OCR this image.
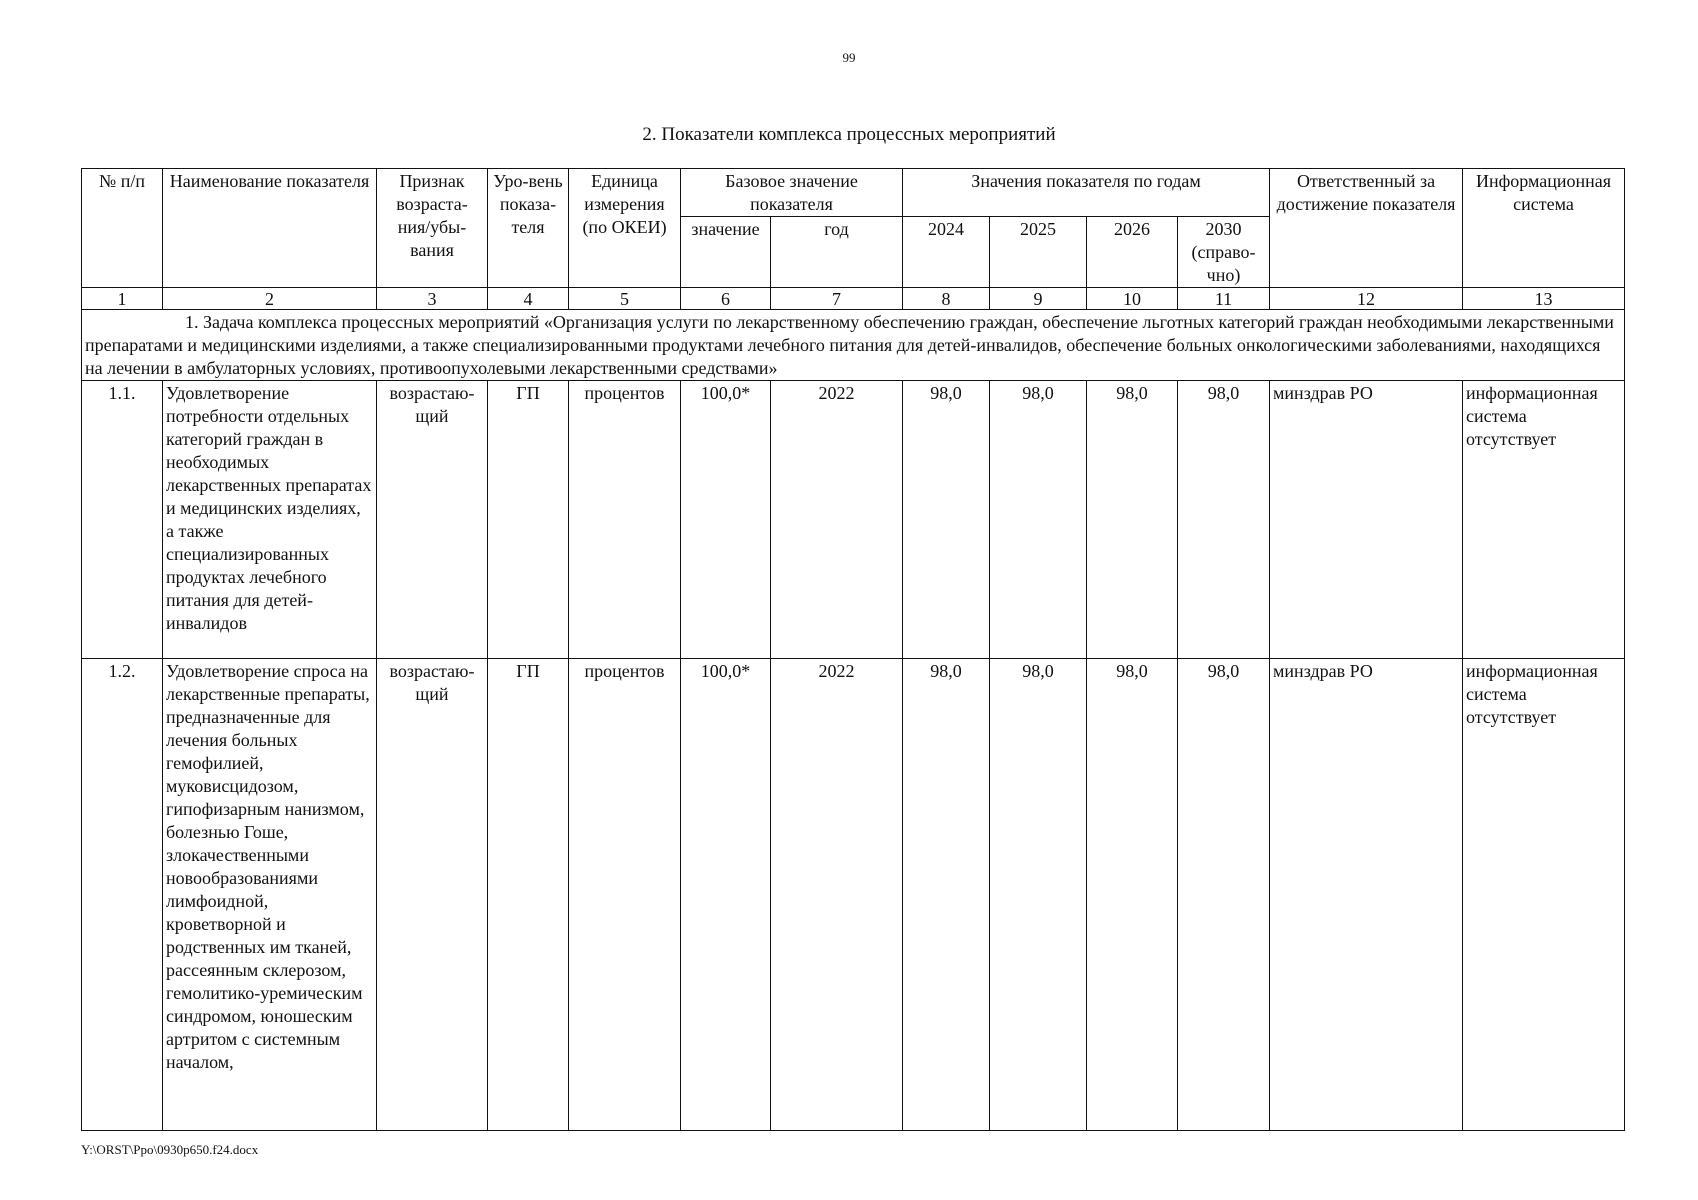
99
2. Показатели комплекса процессных мероприятий
№ п/п	Наименование показателя	Признак возраста-ния/убы-вания	Уро-вень показа-теля	Единица измерения (по ОКЕИ)	Базовое значение показателя		Значения показателя по годам				Ответственный за достижение показателя	Информационная система
					значение	год	2024	2025	2026	2030 (справо-чно)		
1	2	3	4	5	6	7	8	9	10	11	12	13
1. Задача комплекса процессных мероприятий «Организация услуги по лекарственному обеспечению граждан, обеспечение льготных категорий граждан необходимыми лекарственными препаратами и медицинскими изделиями, а также специализированными продуктами лечебного питания для детей-инвалидов, обеспечение больных онкологическими заболеваниями, находящихся на лечении в амбулаторных условиях, противоопухолевыми лекарственными средствами»												
1.1.	Удовлетворение потребности отдельных категорий граждан в необходимых лекарственных препаратах и медицинских изделиях, а также специализированных продуктах лечебного питания для детей-инвалидов	возрастаю-щий	ГП	процентов	100,0*	2022	98,0	98,0	98,0	98,0	минздрав РО	информационная система отсутствует
1.2.	Удовлетворение спроса на лекарственные препараты, предназначенные для лечения больных гемофилией, муковисцидозом, гипофизарным нанизмом, болезнью Гоше, злокачественными новообразованиями лимфоидной, кроветворной и родственных им тканей, рассеянным склерозом, гемолитико-уремическим синдромом, юношеским артритом с системным началом,	возрастаю-щий	ГП	процентов	100,0*	2022	98,0	98,0	98,0	98,0	минздрав РО	информационная система отсутствует
Y:\ORST\Ppo\0930p650.f24.docx
